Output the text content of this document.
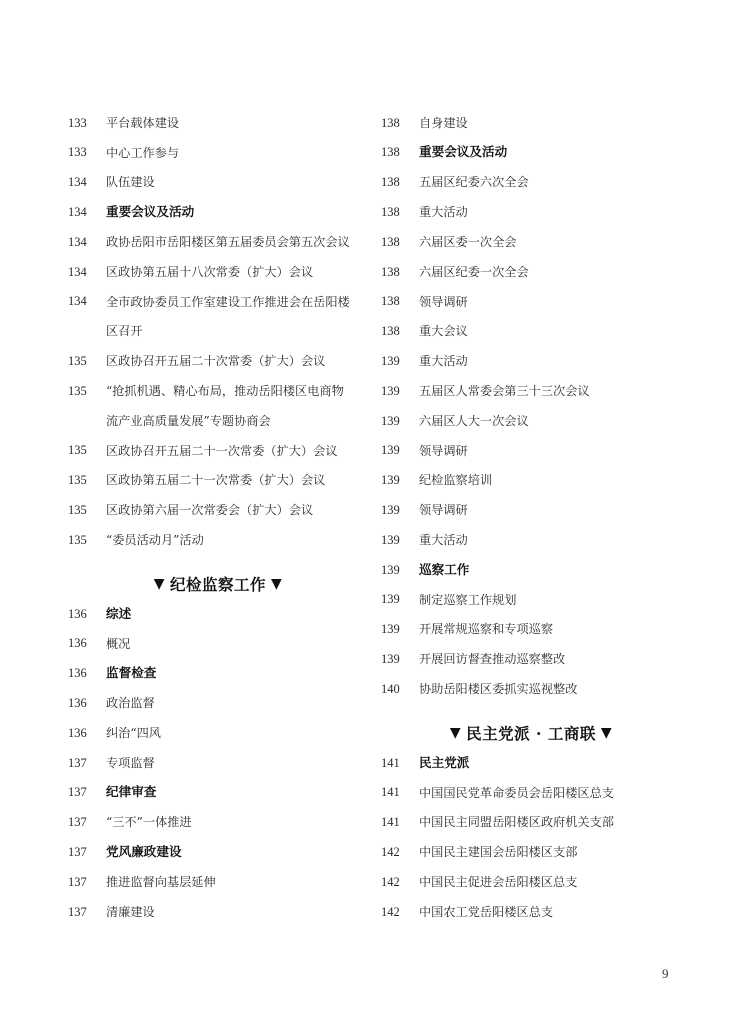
133	平台载体建设
133	中心工作参与
134	队伍建设
134	重要会议及活动
134	政协岳阳市岳阳楼区第五届委员会第五次会议
134	区政协第五届十八次常委（扩大）会议
134	全市政协委员工作室建设工作推进会在岳阳楼
区召开
135	区政协召开五届二十次常委（扩大）会议
135	“抢抓机遇、精心布局，推动岳阳楼区电商物
流产业高质量发展”专题协商会
135	区政协召开五届二十一次常委（扩大）会议
135	区政协第五届二十一次常委（扩大）会议
135	区政协第六届一次常委会（扩大）会议
135	“委员活动月”活动
▼ 纪检监察工作 ▼
136	综述
136	概况
136	监督检查
136	政治监督
136	纠治“四风
137	专项监督
137	纪律审查
137	“三不”一体推进
137	党风廉政建设
137	推进监督向基层延伸
137	清廉建设
138	自身建设
138	重要会议及活动
138	五届区纪委六次全会
138	重大活动
138	六届区委一次全会
138	六届区纪委一次全会
138	领导调研
138	重大会议
139	重大活动
139	五届区人常委会第三十三次会议
139	六届区人大一次会议
139	领导调研
139	纪检监察培训
139	领导调研
139	重大活动
139	巡察工作
139	制定巡察工作规划
139	开展常规巡察和专项巡察
139	开展回访督查推动巡察整改
140	协助岳阳楼区委抓实巡视整改
▼ 民主党派 · 工商联 ▼
141	民主党派
141	中国国民党革命委员会岳阳楼区总支
141	中国民主同盟岳阳楼区政府机关支部
142	中国民主建国会岳阳楼区支部
142	中国民主促进会岳阳楼区总支
142	中国农工党岳阳楼区总支
9
